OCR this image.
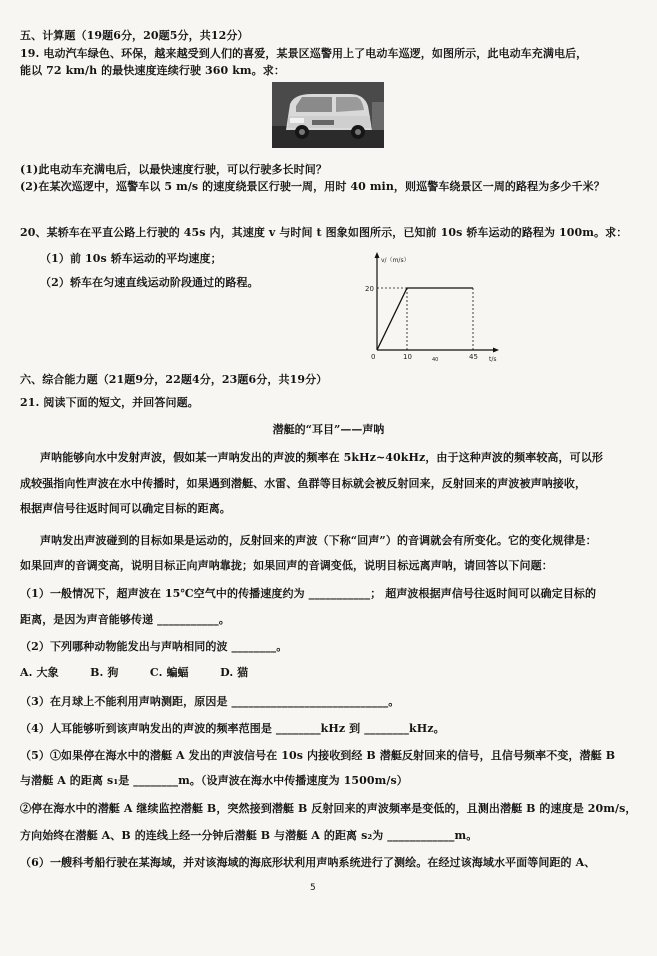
五、计算题（19题6分，20题5分，共12分）
19. 电动汽车绿色、环保，越来越受到人们的喜爱，某景区巡警用上了电动车巡逻，如图所示，此电动车充满电后，
能以 72 km/h 的最快速度连续行驶 360 km。求：
(1)此电动车充满电后，以最快速度行驶，可以行驶多长时间？
(2)在某次巡逻中，巡警车以 5 m/s 的速度绕景区行驶一周，用时 40 min，则巡警车绕景区一周的路程为多少千米？
20、某轿车在平直公路上行驶的 45s 内，其速度 v 与时间 t 图象如图所示，已知前 10s 轿车运动的路程为 100m。求：
（1）前 10s 轿车运动的平均速度；
（2）轿车在匀速直线运动阶段通过的路程。
v/（m/s）
20
0	10	40	45 t/s
六、综合能力题（21题9分，22题4分，23题6分，共19分）
21. 阅读下面的短文，并回答问题。
潜艇的“耳目”——声呐
声呐能够向水中发射声波，假如某一声呐发出的声波的频率在 5kHz~40kHz，由于这种声波的频率较高，可以形
成较强指向性声波在水中传播时，如果遇到潜艇、水雷、鱼群等目标就会被反射回来，反射回来的声波被声呐接收，
根据声信号往返时间可以确定目标的距离。
声呐发出声波碰到的目标如果是运动的，反射回来的声波（下称“回声”）的音调就会有所变化。它的变化规律是：
如果回声的音调变高，说明目标正向声呐靠拢；如果回声的音调变低，说明目标远离声呐，请回答以下问题：
（1）一般情况下，超声波在 15℃空气中的传播速度约为 ___________； 超声波根据声信号往返时间可以确定目标的
距离，是因为声音能够传递 ___________。
（2）下列哪种动物能发出与声呐相同的波 ________。
A. 大象        B. 狗        C. 蝙蝠        D. 猫
（3）在月球上不能利用声呐测距，原因是 ____________________________。
（4）人耳能够听到该声呐发出的声波的频率范围是 ________kHz 到 ________kHz。
（5）①如果停在海水中的潜艇 A 发出的声波信号在 10s 内接收到经 B 潜艇反射回来的信号，且信号频率不变，潜艇 B
与潜艇 A 的距离 s₁是 ________m。（设声波在海水中传播速度为 1500m/s）
②停在海水中的潜艇 A 继续监控潜艇 B，突然接到潜艇 B 反射回来的声波频率是变低的，且测出潜艇 B 的速度是 20m/s，
方向始终在潜艇 A、B 的连线上经一分钟后潜艇 B 与潜艇 A 的距离 s₂为 ____________m。
（6）一艘科考船行驶在某海域，并对该海域的海底形状利用声呐系统进行了测绘。在经过该海域水平面等间距的 A、
5
